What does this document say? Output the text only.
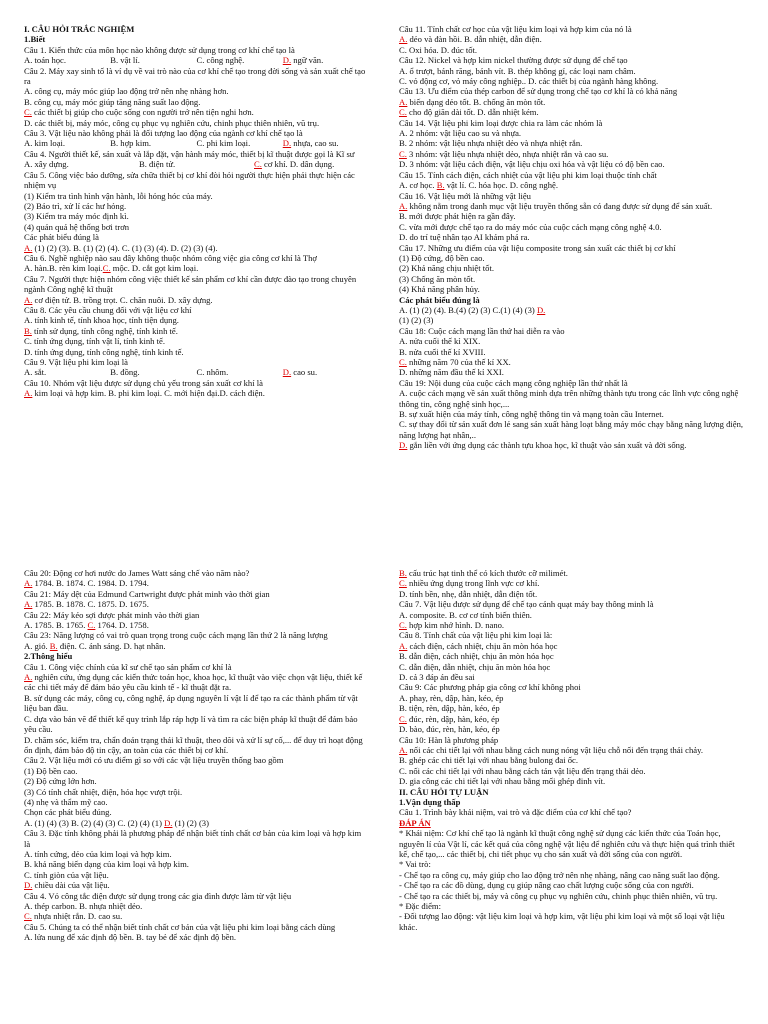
I. CÂU HỎI TRẮC NGHIỆM

1.Biết

Câu 1. Kiến thức của môn học nào không được sử dụng trong cơ khí chế tạo là

A. toán học.	B. vật lí.	C. công nghệ.	D. ngữ văn.

Câu 2. Máy xay sinh tố là ví dụ về vai trò nào của cơ khí chế tạo trong đời sống và sản xuất chế tạo ra

A. công cụ, máy móc giúp lao động trở nên nhẹ nhàng hơn.

B. công cụ, máy móc giúp tăng năng suất lao động.

C. các thiết bị giúp cho cuộc sống con người trở nên tiện nghi hơn.

D. các thiết bị, máy móc, công cụ phục vụ nghiên cứu, chinh phục thiên nhiên, vũ trụ.

Câu 3. Vật liệu nào không phải là đối tượng lao động của ngành cơ khí chế tạo là

A. kim loại.	B. hợp kim.	C. phi kim loại.	D. nhựa, cao su.

Câu 4. Người thiết kế, sản xuất và lắp đặt, vận hành máy móc, thiết bị kĩ thuật được gọi là Kĩ sư

A. xây dựng.	B. điện tử.	C. cơ khí. D. dân dụng.

Câu 5. Công việc bảo dưỡng, sửa chữa thiết bị cơ khí đòi hỏi người thực hiện phải thực hiện các nhiệm vụ

(1) Kiểm tra tình hình vận hành, lỗi hỏng hóc của máy.

(2) Bảo trì, xử lí các hư hỏng.

(3) Kiểm tra máy móc định kì.

(4) quản quả hệ thống bơi trơn

Các phát biểu đúng là

A. (1) (2) (3). B. (1) (2) (4). C. (1) (3) (4). D. (2) (3) (4).

Câu 6. Nghề nghiệp nào sau đây không thuộc nhóm công việc gia công cơ khí là Thợ

A. hàn.B. rèn kim loại.C. mộc. D. cắt gọt kim loại.

Câu 7. Người thực hiện nhóm công việc thiết kế sản phẩm cơ khí cần được đào tạo trong chuyên ngành Công nghệ kĩ thuật

A. cơ điện tử. B. trồng trọt. C. chăn nuôi. D. xây dựng.

Câu 8. Các yêu cầu chung đối với vật liệu cơ khí

A. tính kinh tế, tính khoa học, tính tiện dụng.

B. tính sử dụng, tính công nghệ, tính kinh tế.

C. tính ứng dụng, tính vật lí, tính kinh tế.

D. tính ứng dụng, tính công nghệ, tính kinh tế.

Câu 9. Vật liệu phi kim loại là

A. sắt.	B. đồng.	C. nhôm.	D. cao su.

Câu 10. Nhóm vật liệu được sử dụng chủ yếu trong sản xuất cơ khí là

A. kim loại và hợp kim. B. phi kim loại. C. mới hiện đại.D. cách điện.

Câu 11. Tính chất cơ học của vật liệu kim loại và hợp kim của nó là

A. dẻo và đàn hồi. B. dẫn nhiệt, dẫn điện.

C. Oxi hóa. D. đúc tốt.

Câu 12. Nickel và hợp kim nickel thường được sử dụng để chế tạo

A. ổ trượt, bánh răng, bánh vít. B. thép không gỉ, các loại nam châm.

C. vỏ động cơ, vỏ máy công nghiệp.. D. các thiết bị của ngành hàng không.

Câu 13. Ưu điểm của thép carbon để sử dụng trong chế tạo cơ khí là có khả năng

A. biến dạng dẻo tốt. B. chống ăn mòn tốt.

C. cho độ giãn dài tốt. D. dẫn nhiệt kém.

Câu 14. Vật liệu phi kim loại được chia ra làm các nhóm là

A. 2 nhóm: vật liệu cao su và nhựa.

B. 2 nhóm: vật liệu nhựa nhiệt dẻo và nhựa nhiệt rắn.

C. 3 nhóm: vật liệu nhựa nhiệt dẻo, nhựa nhiệt rắn và cao su.

D. 3 nhóm: vật liệu cách điện, vật liệu chịu oxi hóa và vật liệu có độ bền cao.

Câu 15. Tính cách điện, cách nhiệt của vật liệu phi kim loại thuộc tính chất

A. cơ học. B. vật lí. C. hóa học. D. công nghệ.

Câu 16. Vật liệu mới là những vật liệu

A. không nằm trong danh mục vật liệu truyền thống sẵn có đang được sử dụng để sản xuất.

B. mới được phát hiện ra gần đây.

C. vừa mới được chế tạo ra do máy móc của cuộc cách mạng công nghệ 4.0.

D. do trí tuệ nhân tạo AI khám phá ra.

Câu 17. Những ưu điểm của vật liệu composite trong sản xuất các thiết bị cơ khí

(1) Độ cứng, độ bền cao.

(2) Khả năng chịu nhiệt tốt.

(3) Chống ăn mòn tốt.

(4) Khả năng phân hủy.

Các phát biểu đúng là

A. (1) (2) (4). B.(4) (2) (3) C.(1) (4) (3) D.

(1) (2) (3)

Câu 18: Cuộc cách mạng lần thứ hai diễn ra vào

A. nửa cuối thế kỉ XIX.

B. nửa cuối thế kỉ XVIII.

C. những năm 70 của thế kỉ XX.

D. những năm đầu thế kỉ XXI.

Câu 19: Nội dung của cuộc cách mạng công nghiệp lần thứ nhất là

A. cuộc cách mạng về sản xuất thông minh dựa trên những thành tựu trong các lĩnh vực công nghệ thông tin, công nghệ sinh học,...

B. sự xuất hiện của máy tính, công nghệ thông tin và mạng toàn cầu Internet.

C. sự thay đổi từ sản xuất đơn lẻ sang sản xuất hàng loạt bằng máy móc chạy bằng năng lượng điện, năng lượng hạt nhân,..

D. gắn liền với ứng dụng các thành tựu khoa học, kĩ thuật vào sản xuất và đời sống.

Câu 20: Động cơ hơi nước do James Watt sáng chế vào năm nào?

A. 1784. B. 1874. C. 1984. D. 1794.

Câu 21: Máy dệt của Edmund Cartwright được phát minh vào thời gian

A. 1785. B. 1878. C. 1875. D. 1675.

Câu 22: Máy kéo sợi được phát minh vào thời gian

A. 1785. B. 1765. C. 1764. D. 1758.

Câu 23: Năng lượng có vai trò quan trọng trong cuộc cách mạng lần thứ 2 là năng lượng

A. gió. B. điện. C. ánh sáng. D. hạt nhân.

2.Thông hiểu

Câu 1. Công việc chính của kĩ sư chế tạo sản phẩm cơ khí là

A. nghiên cứu, ứng dụng các kiến thức toán học, khoa học, kĩ thuật vào việc chọn vật liệu, thiết kế các chi tiết máy để đảm bảo yêu cầu kinh tế - kĩ thuật đặt ra.

B. sử dụng các máy, công cụ, công nghệ, áp dụng nguyên lí vật lí để tạo ra các thành phẩm từ vật liệu ban đầu.

C. dựa vào bản vẽ để thiết kế quy trình lắp ráp hợp lí và tìm ra các biện pháp kĩ thuật để đảm bảo yêu cầu.

D. chăm sóc, kiểm tra, chẩn đoán trạng thái kĩ thuật, theo dõi và xử lí sự cố,... để duy trì hoạt động ổn định, đảm bảo độ tin cậy, an toàn của các thiết bị cơ khí.

Câu 2. Vật liệu mới có ưu điểm gì so với các vật liệu truyền thống bao gồm

(1) Độ bền cao.

(2) Độ cứng lớn hơn.

(3) Có tính chất nhiệt, điện, hóa học vượt trội.

(4) nhẹ và thẩm mỹ cao.

Chọn các phát biểu đúng.

A. (1) (4) (3) B. (2) (4) (3) C. (2) (4) (1) D. (1) (2) (3)

Câu 3. Đặc tính không phải là phương pháp để nhận biết tính chất cơ bản của kim loại và hợp kim là

A. tính cứng, dẻo của kim loại và hợp kim.

B. khả năng biến dạng của kim loại và hợp kim.

C. tính giòn của vật liệu.

D. chiều dài của vật liệu.

Câu 4. Vỏ công tắc điện được sử dụng trong các gia đình được làm từ vật liệu

A. thép carbon. B. nhựa nhiệt dẻo.

C. nhựa nhiệt rắn. D. cao su.

Câu 5. Chúng ta có thể nhận biết tính chất cơ bản của vật liệu phi kim loại bằng cách dùng

A. lửa nung để xác định độ bền. B. tay bẻ để xác định độ bền.

B. cấu trúc hạt tinh thể có kích thước cỡ milimét.

C. nhiều ứng dụng trong lĩnh vực cơ khí.

D. tính bền, nhẹ, dẫn nhiệt, dẫn điện tốt.

Câu 7. Vật liệu được sử dụng để chế tạo cánh quạt máy bay thông minh là

A. composite. B. cơ cơ tính biến thiên.

C. hợp kim nhớ hình. D. nano.

Câu 8. Tính chất của vật liệu phi kim loại là:

A. cách điện, cách nhiệt, chịu ăn mòn hóa học

B. dẫn điện, cách nhiệt, chịu ăn mòn hóa học

C. dẫn điện, dẫn nhiệt, chịu ăn mòn hóa học

D. cả 3 đáp án đều sai

Câu 9: Các phương pháp gia công cơ khí không phoi

A. phay, rèn, dập, hàn, kéo, ép

B. tiện, rèn, dập, hàn, kéo, ép

C. đúc, rèn, dập, hàn, kéo, ép

D. bào, đúc, rèn, hàn, kéo, ép

Câu 10: Hàn là phương pháp

A. nối các chi tiết lại với nhau bằng cách nung nóng vật liệu chỗ nối đến trạng thái chảy.

B. ghép các chi tiết lại với nhau bằng bulong đai ốc.

C. nối các chi tiết lại với nhau bằng cách tán vật liệu đến trạng thái dẻo.

D. gia công các chi tiết lại với nhau bằng mối ghép đinh vít.

II. CÂU HỎI TỰ LUẬN

1.Vận dụng thấp

Câu 1. Trình bày khái niệm, vai trò và đặc điểm của cơ khí chế tạo?

ĐÁP ÁN

* Khái niệm: Cơ khí chế tạo là ngành kĩ thuật công nghệ sử dụng các kiến thức của Toán học, nguyên lí của Vật lí, các kết quả của công nghệ vật liệu để nghiên cứu và thực hiện quá trình thiết kế, chế tạo,... các thiết bị, chi tiết phục vụ cho sản xuất và đời sống của con người.

* Vai trò:

- Chế tạo ra công cụ, máy giúp cho lao động trở nên nhẹ nhàng, nâng cao năng suất lao động.

- Chế tạo ra các đồ dùng, dụng cụ giúp nâng cao chất lượng cuộc sống của con người.

- Chế tạo ra các thiết bị, máy và công cụ phục vụ nghiên cứu, chinh phục thiên nhiên, vũ trụ.

* Đặc điểm:

- Đối tượng lao động: vật liệu kim loại và hợp kim, vật liệu phi kim loại và một số loại vật liệu khác.
